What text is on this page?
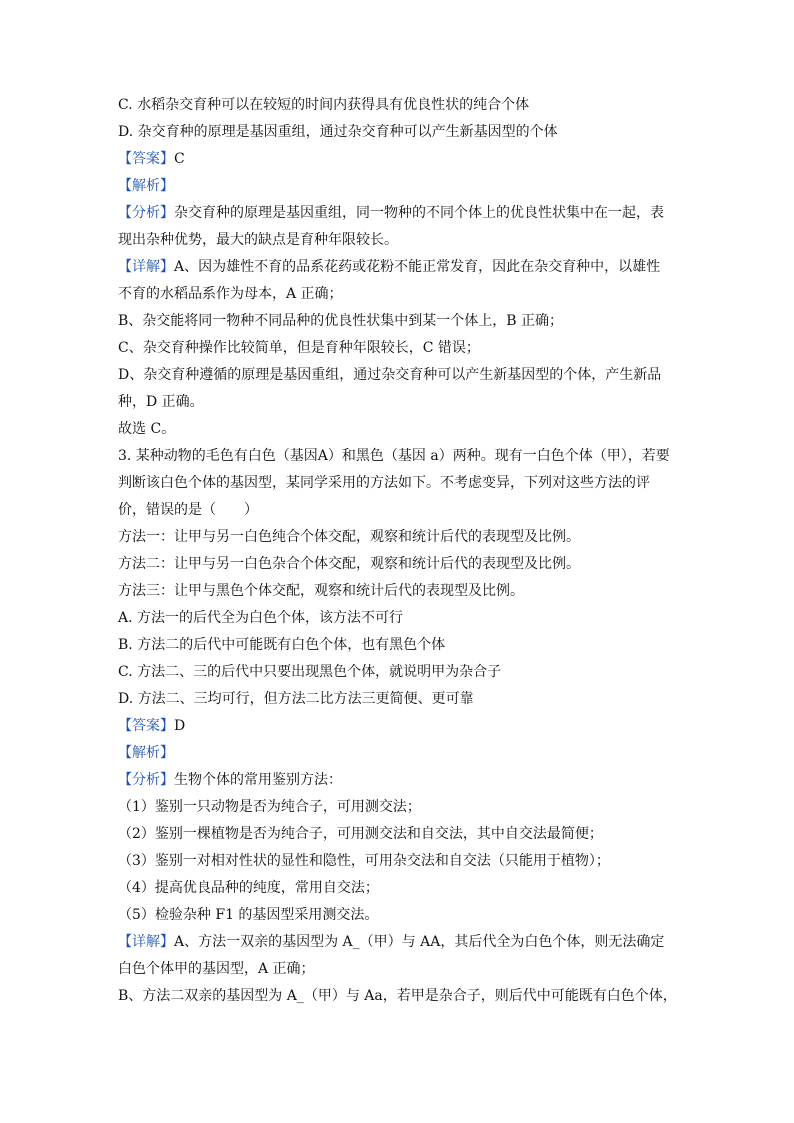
C. 水稻杂交育种可以在较短的时间内获得具有优良性状的纯合个体
D. 杂交育种的原理是基因重组，通过杂交育种可以产生新基因型的个体
【答案】C
【解析】
【分析】杂交育种的原理是基因重组，同一物种的不同个体上的优良性状集中在一起，表
现出杂种优势，最大的缺点是育种年限较长。
【详解】A、因为雄性不育的品系花药或花粉不能正常发育，因此在杂交育种中，以雄性
不育的水稻品系作为母本，A 正确；
B、杂交能将同一物种不同品种的优良性状集中到某一个体上，B 正确；
C、杂交育种操作比较简单，但是育种年限较长，C 错误；
D、杂交育种遵循的原理是基因重组，通过杂交育种可以产生新基因型的个体，产生新品
种，D 正确。
故选 C。
3. 某种动物的毛色有白色（基因A）和黑色（基因 a）两种。现有一白色个体（甲），若要
判断该白色个体的基因型，某同学采用的方法如下。不考虑变异，下列对这些方法的评
价，错误的是（　　）
方法一：让甲与另一白色纯合个体交配，观察和统计后代的表现型及比例。
方法二：让甲与另一白色杂合个体交配，观察和统计后代的表现型及比例。
方法三：让甲与黑色个体交配，观察和统计后代的表现型及比例。
A. 方法一的后代全为白色个体，该方法不可行
B. 方法二的后代中可能既有白色个体，也有黑色个体
C. 方法二、三的后代中只要出现黑色个体，就说明甲为杂合子
D. 方法二、三均可行，但方法二比方法三更简便、更可靠
【答案】D
【解析】
【分析】生物个体的常用鉴别方法：
（1）鉴别一只动物是否为纯合子，可用测交法；
（2）鉴别一棵植物是否为纯合子，可用测交法和自交法，其中自交法最简便；
（3）鉴别一对相对性状的显性和隐性，可用杂交法和自交法（只能用于植物）；
（4）提高优良品种的纯度，常用自交法；
（5）检验杂种 F1 的基因型采用测交法。
【详解】A、方法一双亲的基因型为 A_（甲）与 AA，其后代全为白色个体，则无法确定
白色个体甲的基因型，A 正确；
B、方法二双亲的基因型为 A_（甲）与 Aa，若甲是杂合子，则后代中可能既有白色个体，
